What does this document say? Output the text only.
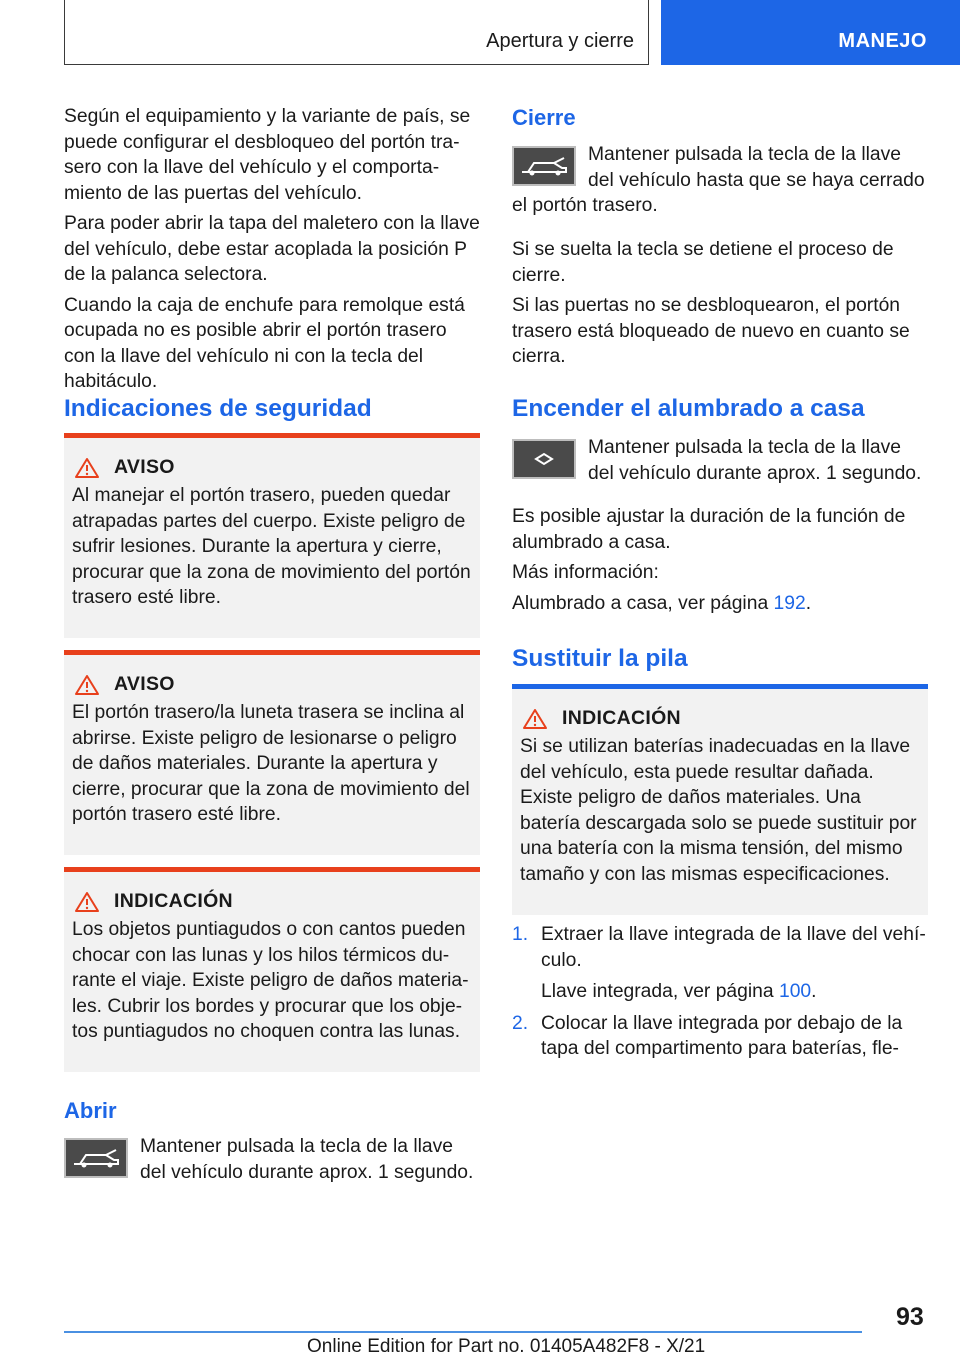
Apertura y cierre	MANEJO

Según el equipamiento y la variante de país, se puede configurar el desbloqueo del portón trasero con la llave del vehículo y el comportamiento de las puertas del vehículo.

Para poder abrir la tapa del maletero con la llave del vehículo, debe estar acoplada la posición P de la palanca selectora.

Cuando la caja de enchufe para remolque está ocupada no es posible abrir el portón trasero con la llave del vehículo ni con la tecla del habitáculo.

Indicaciones de seguridad
AVISO

Al manejar el portón trasero, pueden quedar atrapadas partes del cuerpo. Existe peligro de sufrir lesiones. Durante la apertura y cierre, procurar que la zona de movimiento del portón trasero esté libre.

AVISO

El portón trasero/la luneta trasera se inclina al abrirse. Existe peligro de lesionarse o peligro de daños materiales. Durante la apertura y cierre, procurar que la zona de movimiento del portón trasero esté libre.

INDICACIÓN

Los objetos puntiagudos o con cantos pueden chocar con las lunas y los hilos térmicos durante el viaje. Existe peligro de daños materiales. Cubrir los bordes y procurar que los objetos puntiagudos no choquen contra las lunas.

Abrir
Mantener pulsada la tecla de la llave del vehículo durante aprox. 1 segundo.
Cierre
Mantener pulsada la tecla de la llave del vehículo hasta que se haya cerrado el portón trasero.

Si se suelta la tecla se detiene el proceso de cierre.

Si las puertas no se desbloquearon, el portón trasero está bloqueado de nuevo en cuanto se cierra.

Encender el alumbrado a casa
Mantener pulsada la tecla de la llave del vehículo durante aprox. 1 segundo.

Es posible ajustar la duración de la función de alumbrado a casa.

Más información:

Alumbrado a casa, ver página 192.

Sustituir la pila
INDICACIÓN

Si se utilizan baterías inadecuadas en la llave del vehículo, esta puede resultar dañada. Existe peligro de daños materiales. Una batería descargada solo se puede sustituir por una batería con la misma tensión, del mismo tamaño y con las mismas especificaciones.

1. Extraer la llave integrada de la llave del vehículo.
Llave integrada, ver página 100.
2. Colocar la llave integrada por debajo de la tapa del compartimento para baterías, fle-
93
Online Edition for Part no. 01405A482F8 - X/21
